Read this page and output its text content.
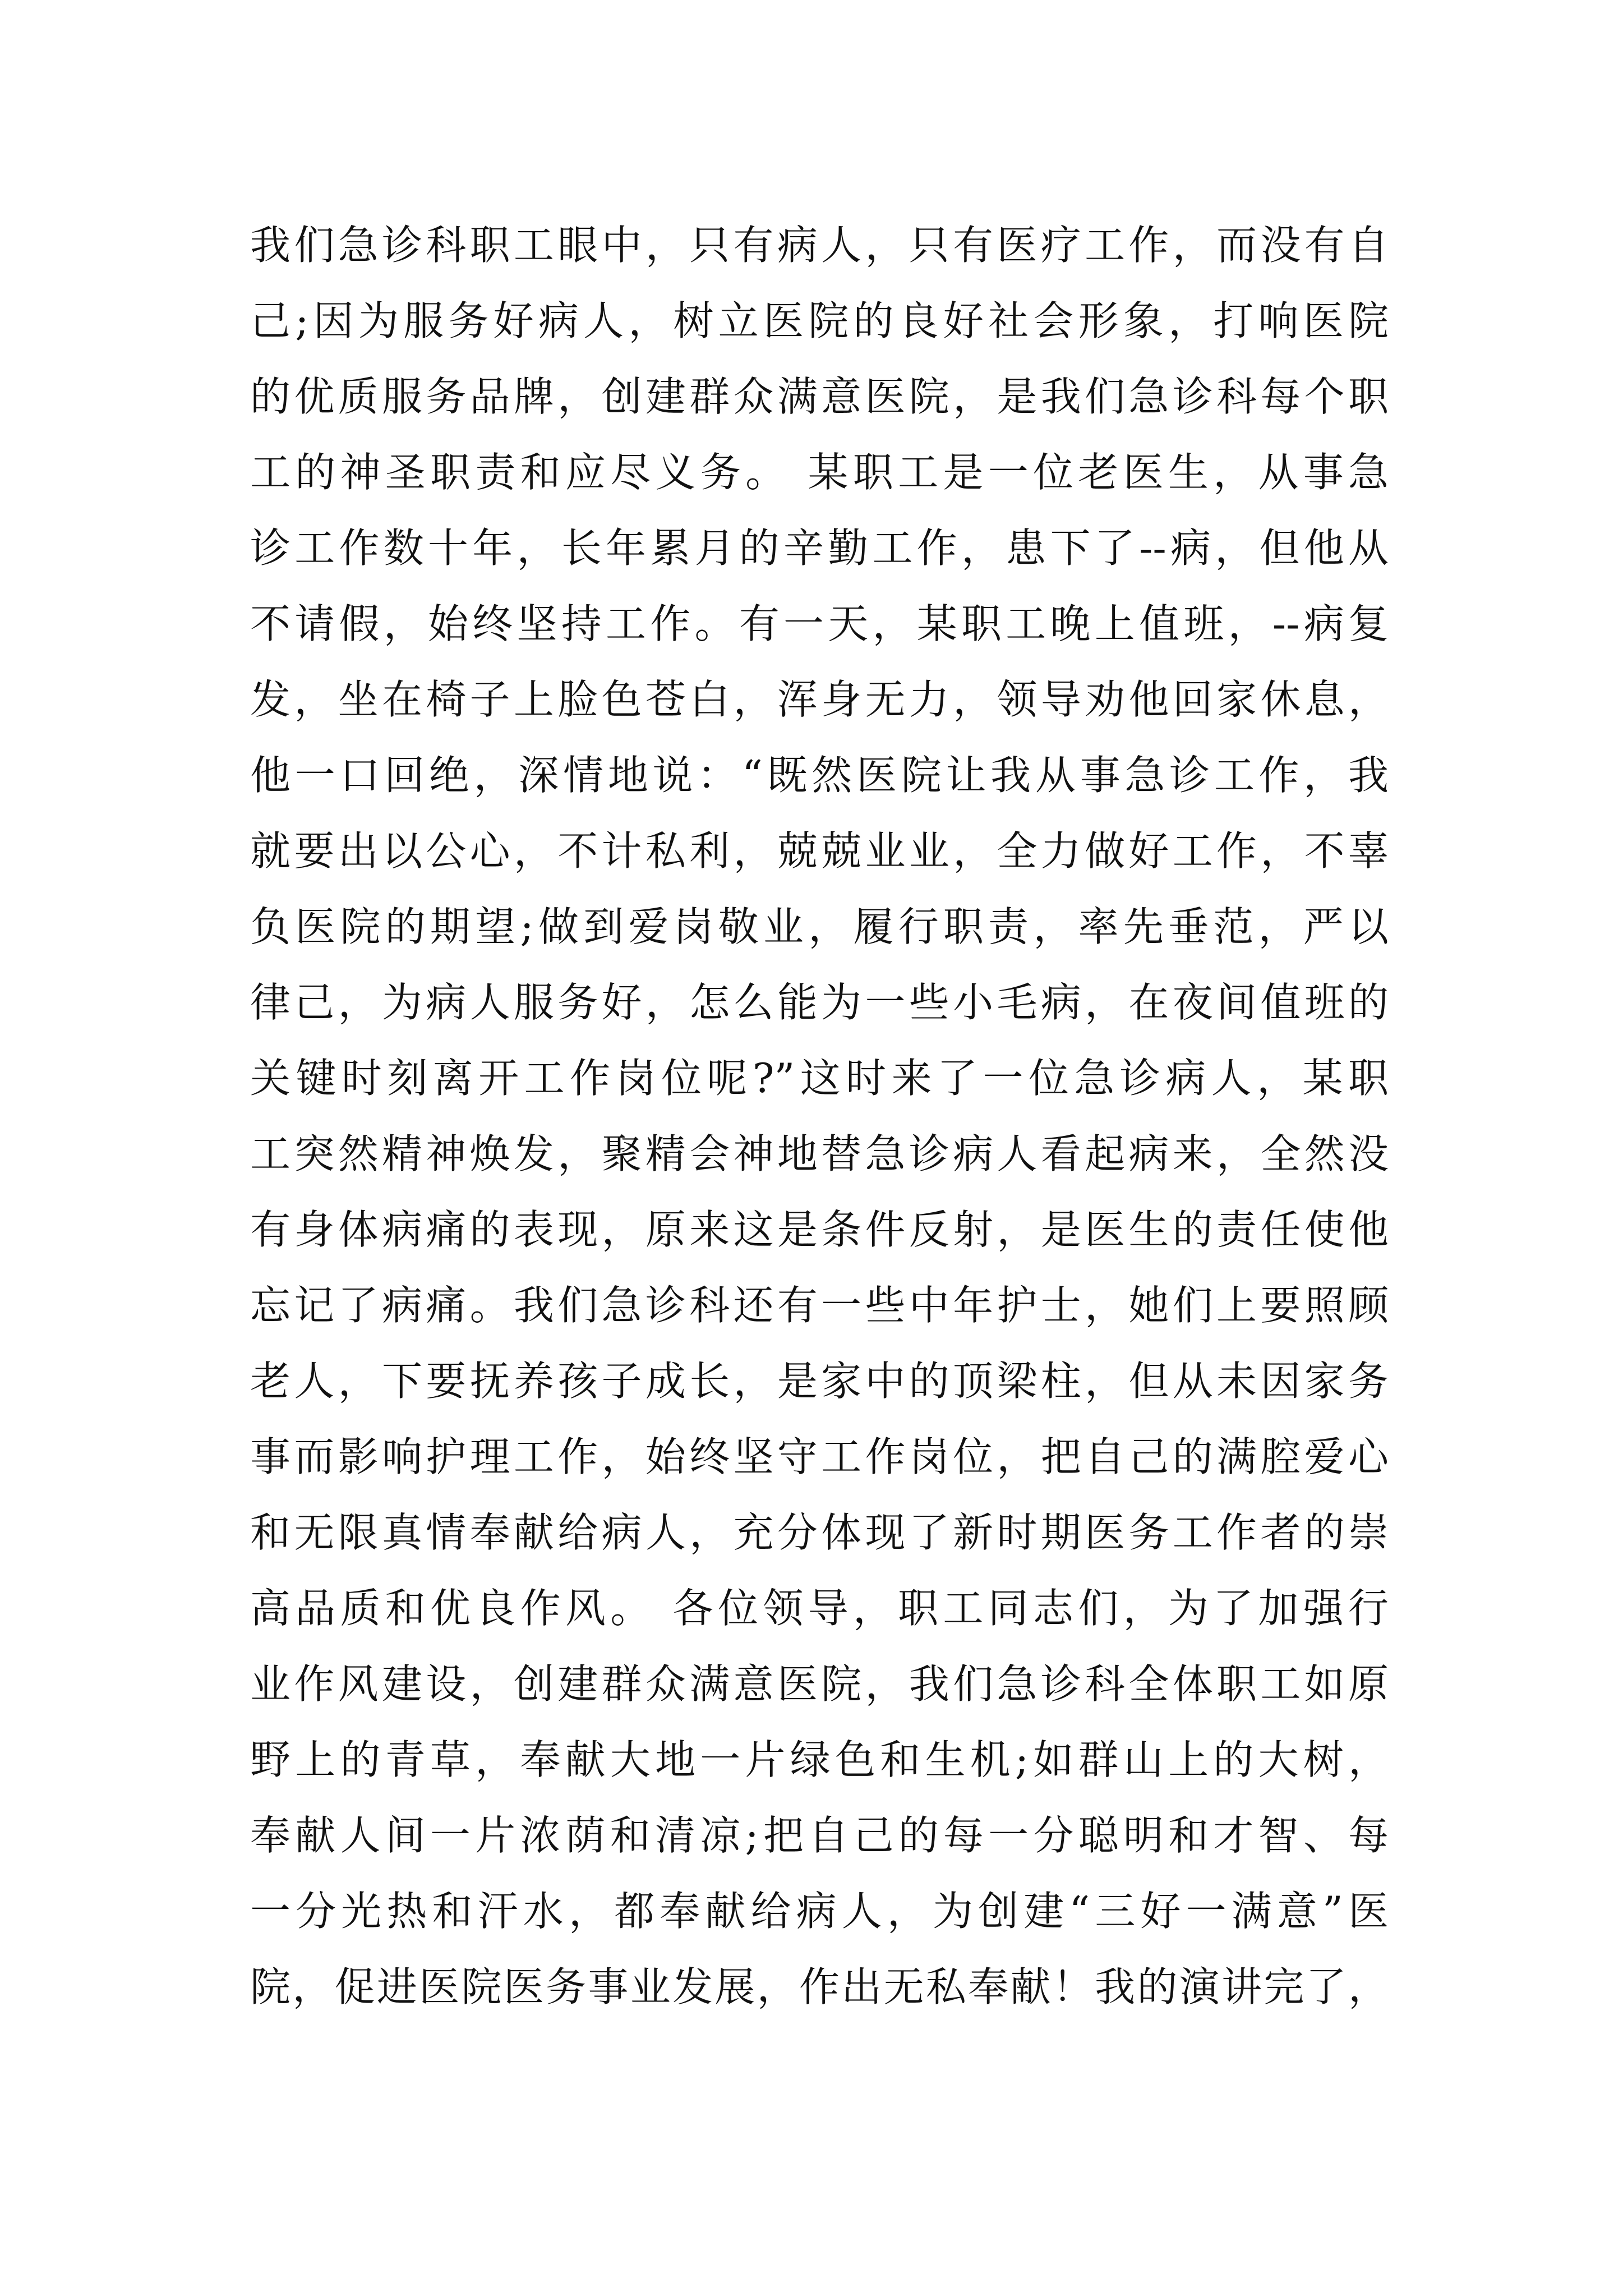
我们急诊科职工眼中，只有病人，只有医疗工作，而没有自
己;因为服务好病人，树立医院的良好社会形象，打响医院
的优质服务品牌，创建群众满意医院，是我们急诊科每个职
工的神圣职责和应尽义务。 某职工是一位老医生，从事急
诊工作数十年，长年累月的辛勤工作，患下了--病，但他从
不请假，始终坚持工作。有一天，某职工晚上值班，--病复
发，坐在椅子上脸色苍白，浑身无力，领导劝他回家休息，
他一口回绝，深情地说：“既然医院让我从事急诊工作，我
就要出以公心，不计私利，兢兢业业，全力做好工作，不辜
负医院的期望;做到爱岗敬业，履行职责，率先垂范，严以
律己，为病人服务好，怎么能为一些小毛病，在夜间值班的
关键时刻离开工作岗位呢?”这时来了一位急诊病人，某职
工突然精神焕发，聚精会神地替急诊病人看起病来，全然没
有身体病痛的表现，原来这是条件反射，是医生的责任使他
忘记了病痛。我们急诊科还有一些中年护士，她们上要照顾
老人，下要抚养孩子成长，是家中的顶梁柱，但从未因家务
事而影响护理工作，始终坚守工作岗位，把自己的满腔爱心
和无限真情奉献给病人，充分体现了新时期医务工作者的崇
高品质和优良作风。 各位领导，职工同志们，为了加强行
业作风建设，创建群众满意医院，我们急诊科全体职工如原
野上的青草，奉献大地一片绿色和生机;如群山上的大树，
奉献人间一片浓荫和清凉;把自己的每一分聪明和才智、每
一分光热和汗水，都奉献给病人，为创建“三好一满意”医
院，促进医院医务事业发展，作出无私奉献！我的演讲完了，
